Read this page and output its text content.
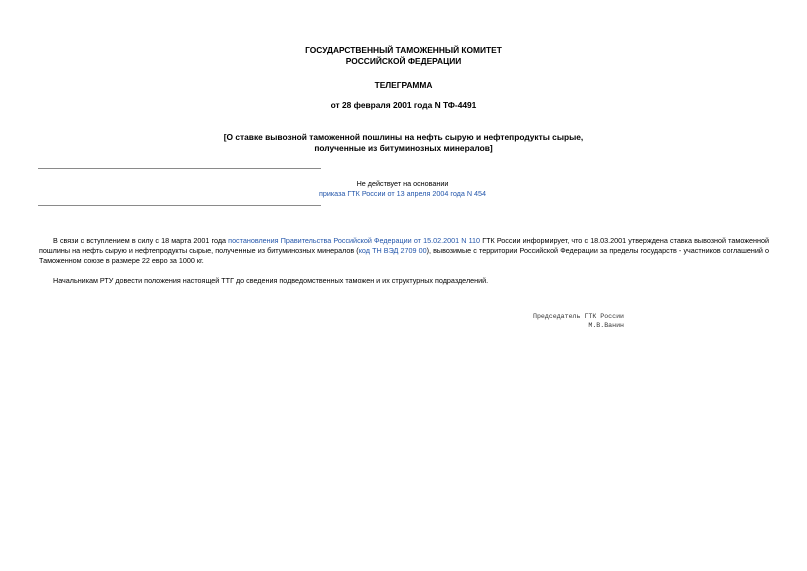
ГОСУДАРСТВЕННЫЙ ТАМОЖЕННЫЙ КОМИТЕТ
РОССИЙСКОЙ ФЕДЕРАЦИИ
ТЕЛЕГРАММА
от 28 февраля 2001 года N ТФ-4491
[О ставке вывозной таможенной пошлины на нефть сырую и нефтепродукты сырые,
полученные из битуминозных минералов]
Не действует на основании
приказа ГТК России от 13 апреля 2004 года N 454

В связи с вступлением в силу с 18 марта 2001 года постановления Правительства Российской Федерации от 15.02.2001 N 110 ГТК России информирует, что с 18.03.2001 утверждена ставка вывозной таможенной пошлины на нефть сырую и нефтепродукты сырые, полученные из битуминозных минералов (код ТН ВЭД 2709 00), вывозимые с территории Российской Федерации за пределы государств - участников соглашений о Таможенном союзе в размере 22 евро за 1000 кг.

Начальникам РТУ довести положения настоящей ТТГ до сведения подведомственных таможен и их структурных подразделений.

Председатель ГТК России
М.В.Ванин
